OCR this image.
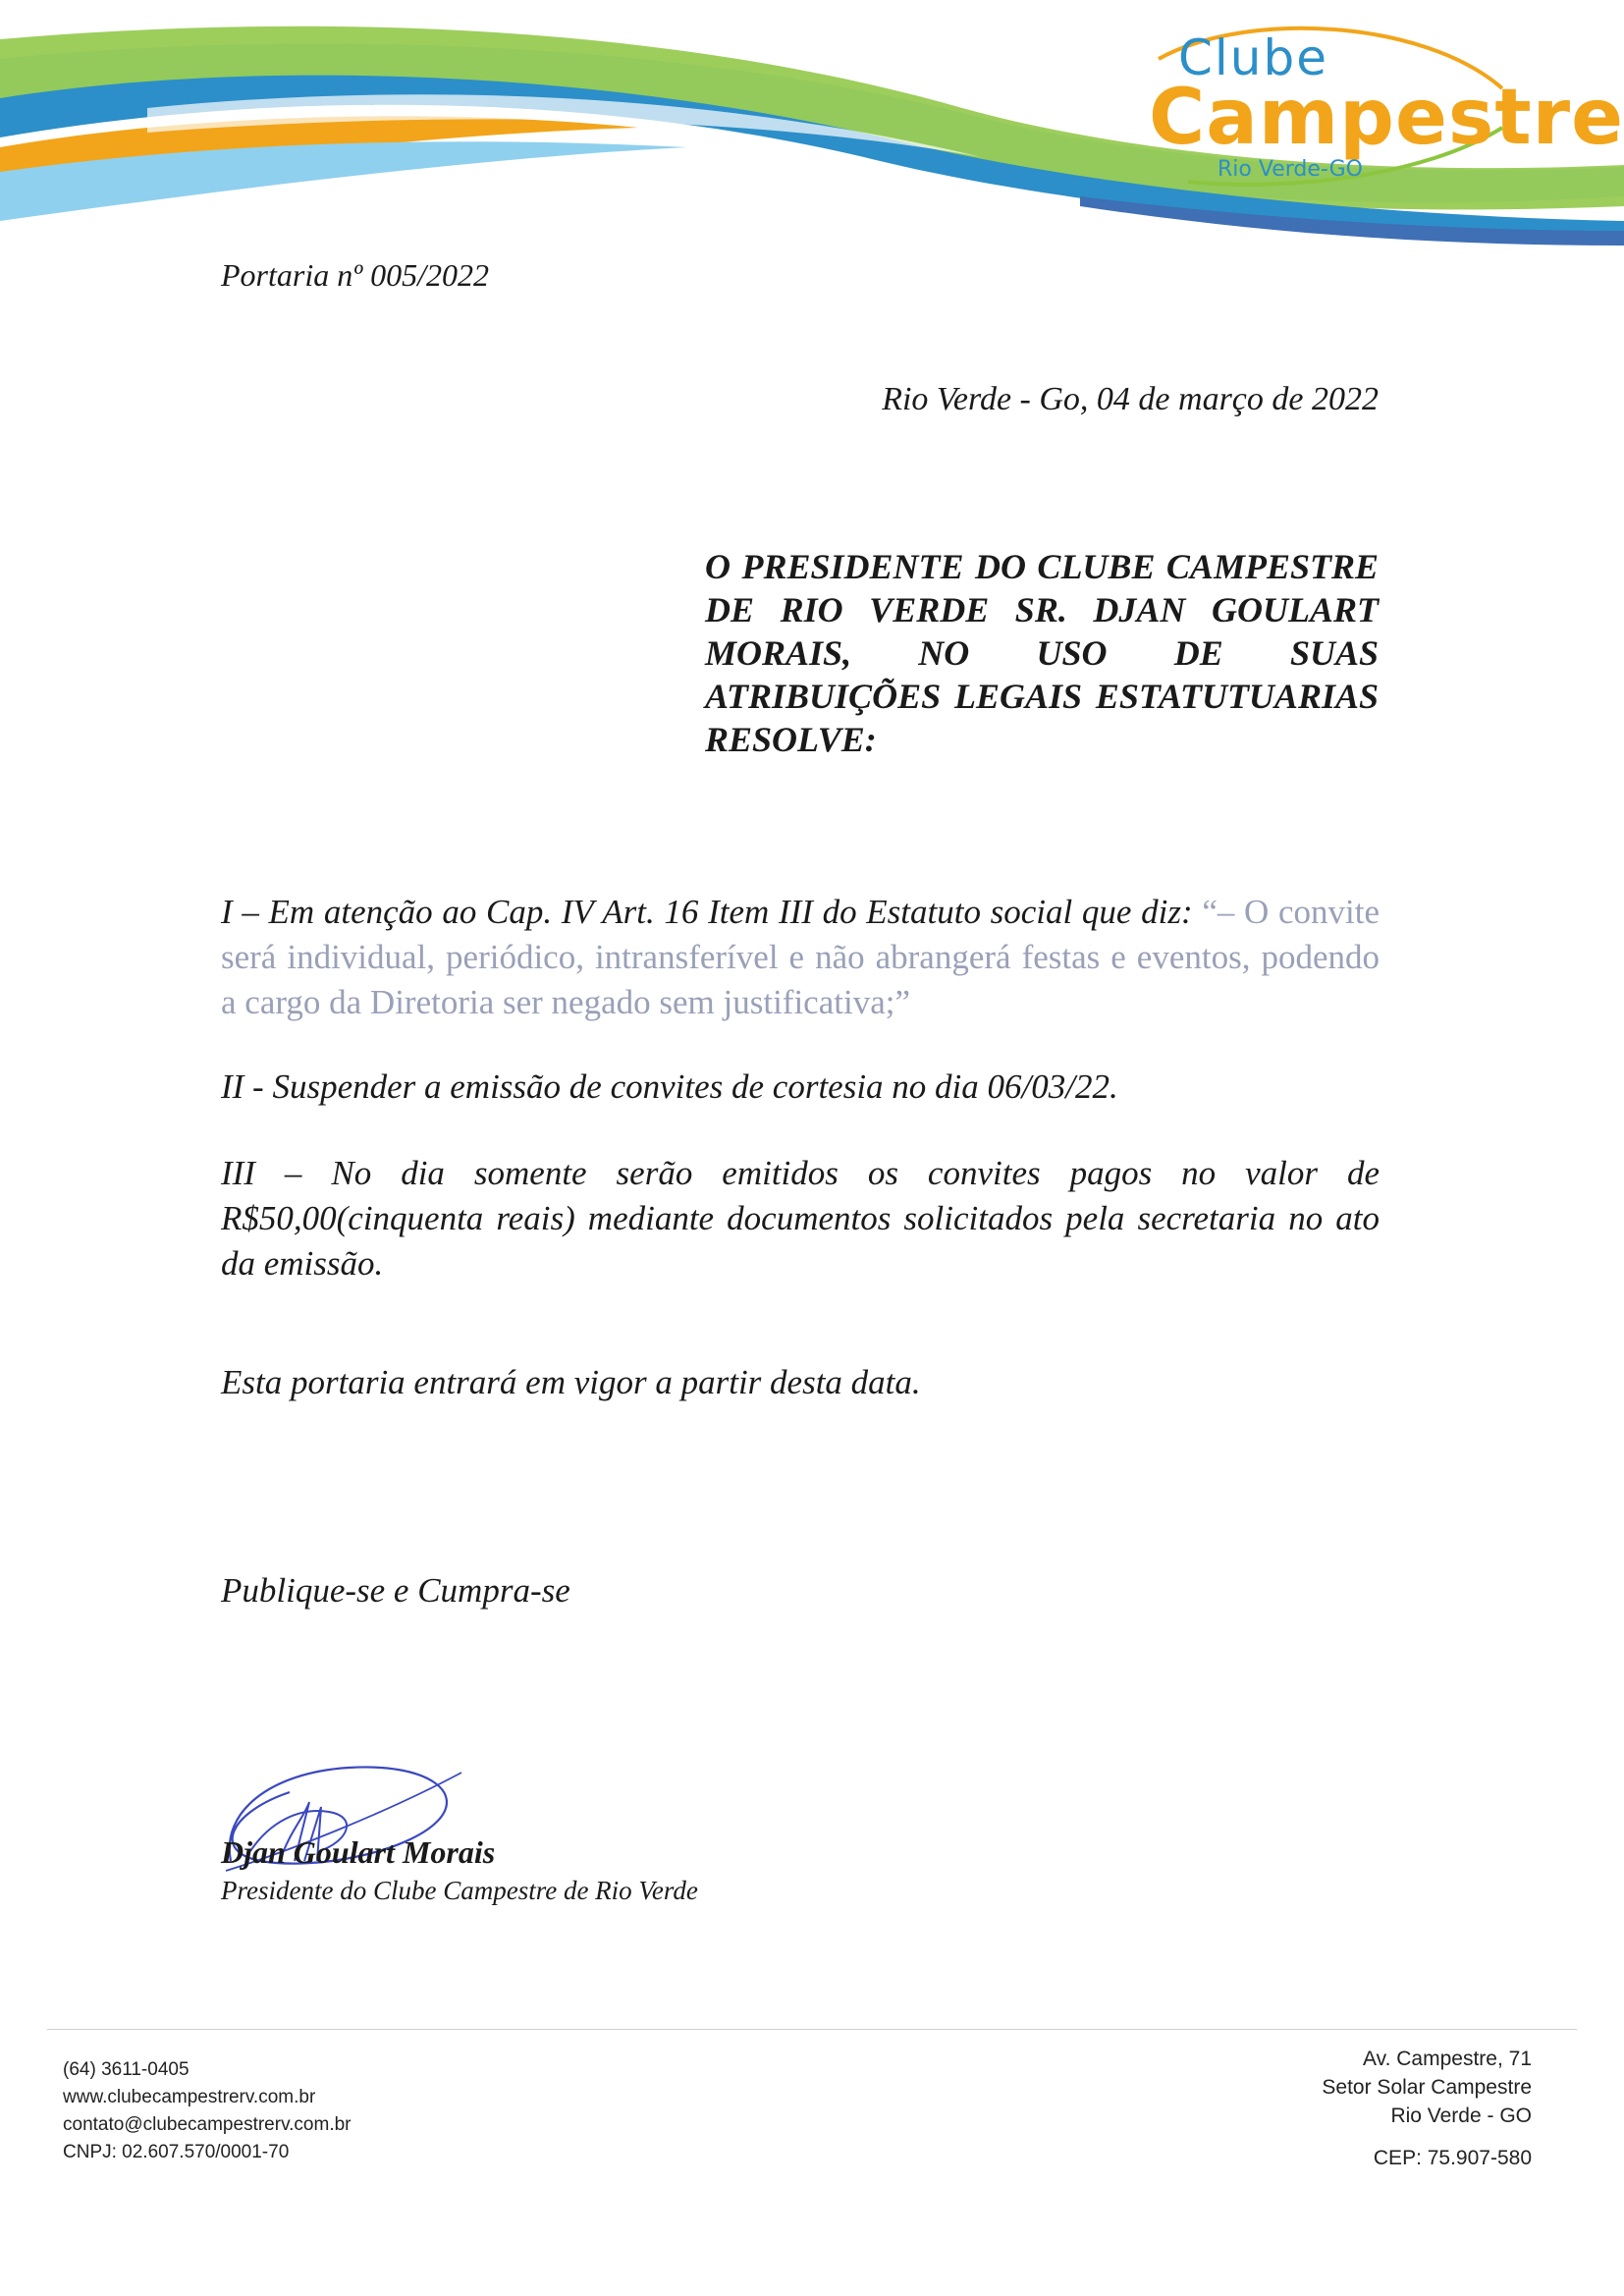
Clube
Campestre
Rio Verde-GO
Portaria nº 005/2022
Rio Verde - Go, 04 de março de 2022

O PRESIDENTE DO CLUBE CAMPESTRE DE RIO VERDE SR. DJAN GOULART MORAIS, NO USO DE SUAS ATRIBUIÇÕES LEGAIS ESTATUTUARIAS RESOLVE:

I – Em atenção ao Cap. IV Art. 16 Item III do Estatuto social que diz: “– O convite será individual, periódico, intransferível e não abrangerá festas e eventos, podendo a cargo da Diretoria ser negado sem justificativa;”

II - Suspender a emissão de convites de cortesia no dia 06/03/22.

III – No dia somente serão emitidos os convites pagos no valor de R$50,00(cinquenta reais) mediante documentos solicitados pela secretaria no ato da emissão.

Esta portaria entrará em vigor a partir desta data.
Publique-se e Cumpra-se
Djan Goulart Morais
Presidente do Clube Campestre de Rio Verde
(64) 3611-0405
www.clubecampestrerv.com.br
contato@clubecampestrerv.com.br
CNPJ: 02.607.570/0001-70
Av. Campestre, 71
Setor Solar Campestre
Rio Verde - GO
CEP: 75.907-580
